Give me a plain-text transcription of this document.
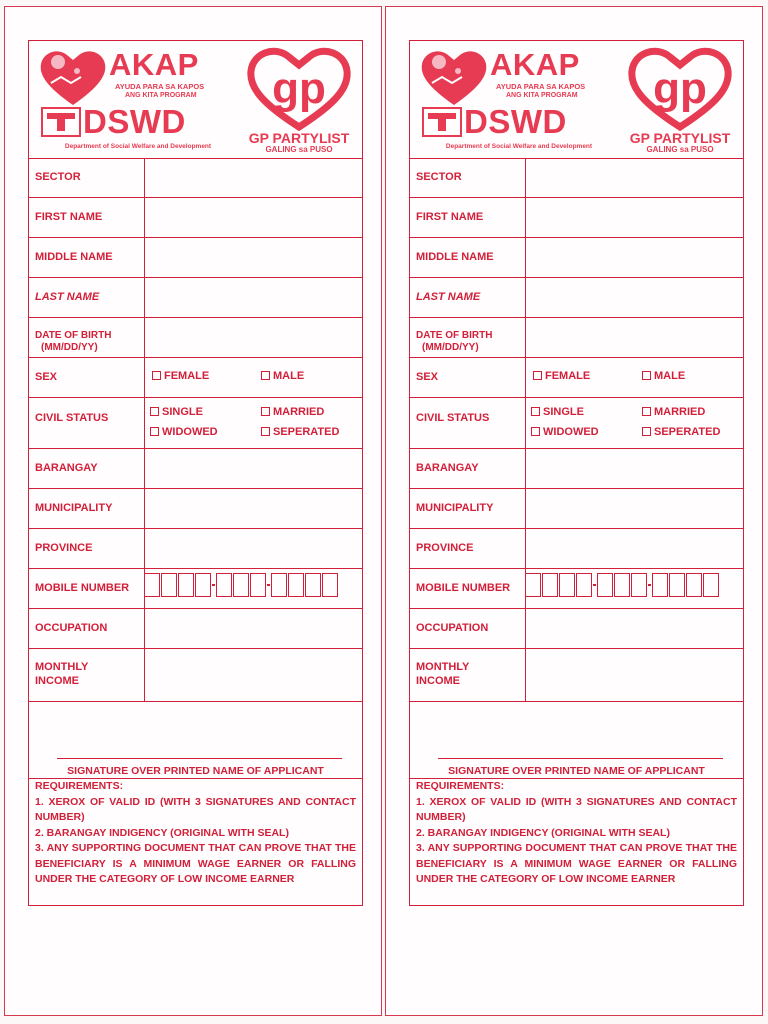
AKAP
AYUDA PARA SA KAPOS
ANG KITA PROGRAM
DSWD
Department of Social Welfare and Development
gp
GP PARTYLIST
GALING sa PUSO
SECTOR
FIRST NAME
MIDDLE NAME
LAST NAME
DATE OF BIRTH
(MM/DD/YY)
SEX	FEMALE	MALE
CIVIL STATUS	SINGLE	MARRIED
WIDOWED	SEPERATED
BARANGAY
MUNICIPALITY
PROVINCE
MOBILE NUMBER
OCCUPATION
MONTHLY
INCOME
SIGNATURE OVER PRINTED NAME OF APPLICANT

REQUIREMENTS:

1. XEROX OF VALID ID (WITH 3 SIGNATURES AND CONTACT NUMBER)

2. BARANGAY INDIGENCY (ORIGINAL WITH SEAL)

3. ANY SUPPORTING DOCUMENT THAT CAN PROVE THAT THE BENEFICIARY IS A MINIMUM WAGE EARNER OR FALLING UNDER THE CATEGORY OF LOW INCOME EARNER

AKAP
AYUDA PARA SA KAPOS
ANG KITA PROGRAM
DSWD
Department of Social Welfare and Development
gp
GP PARTYLIST
GALING sa PUSO
SECTOR
FIRST NAME
MIDDLE NAME
LAST NAME
DATE OF BIRTH
(MM/DD/YY)
SEX	FEMALE	MALE
CIVIL STATUS	SINGLE	MARRIED
WIDOWED	SEPERATED
BARANGAY
MUNICIPALITY
PROVINCE
MOBILE NUMBER
OCCUPATION
MONTHLY
INCOME
SIGNATURE OVER PRINTED NAME OF APPLICANT

REQUIREMENTS:

1. XEROX OF VALID ID (WITH 3 SIGNATURES AND CONTACT NUMBER)

2. BARANGAY INDIGENCY (ORIGINAL WITH SEAL)

3. ANY SUPPORTING DOCUMENT THAT CAN PROVE THAT THE BENEFICIARY IS A MINIMUM WAGE EARNER OR FALLING UNDER THE CATEGORY OF LOW INCOME EARNER
